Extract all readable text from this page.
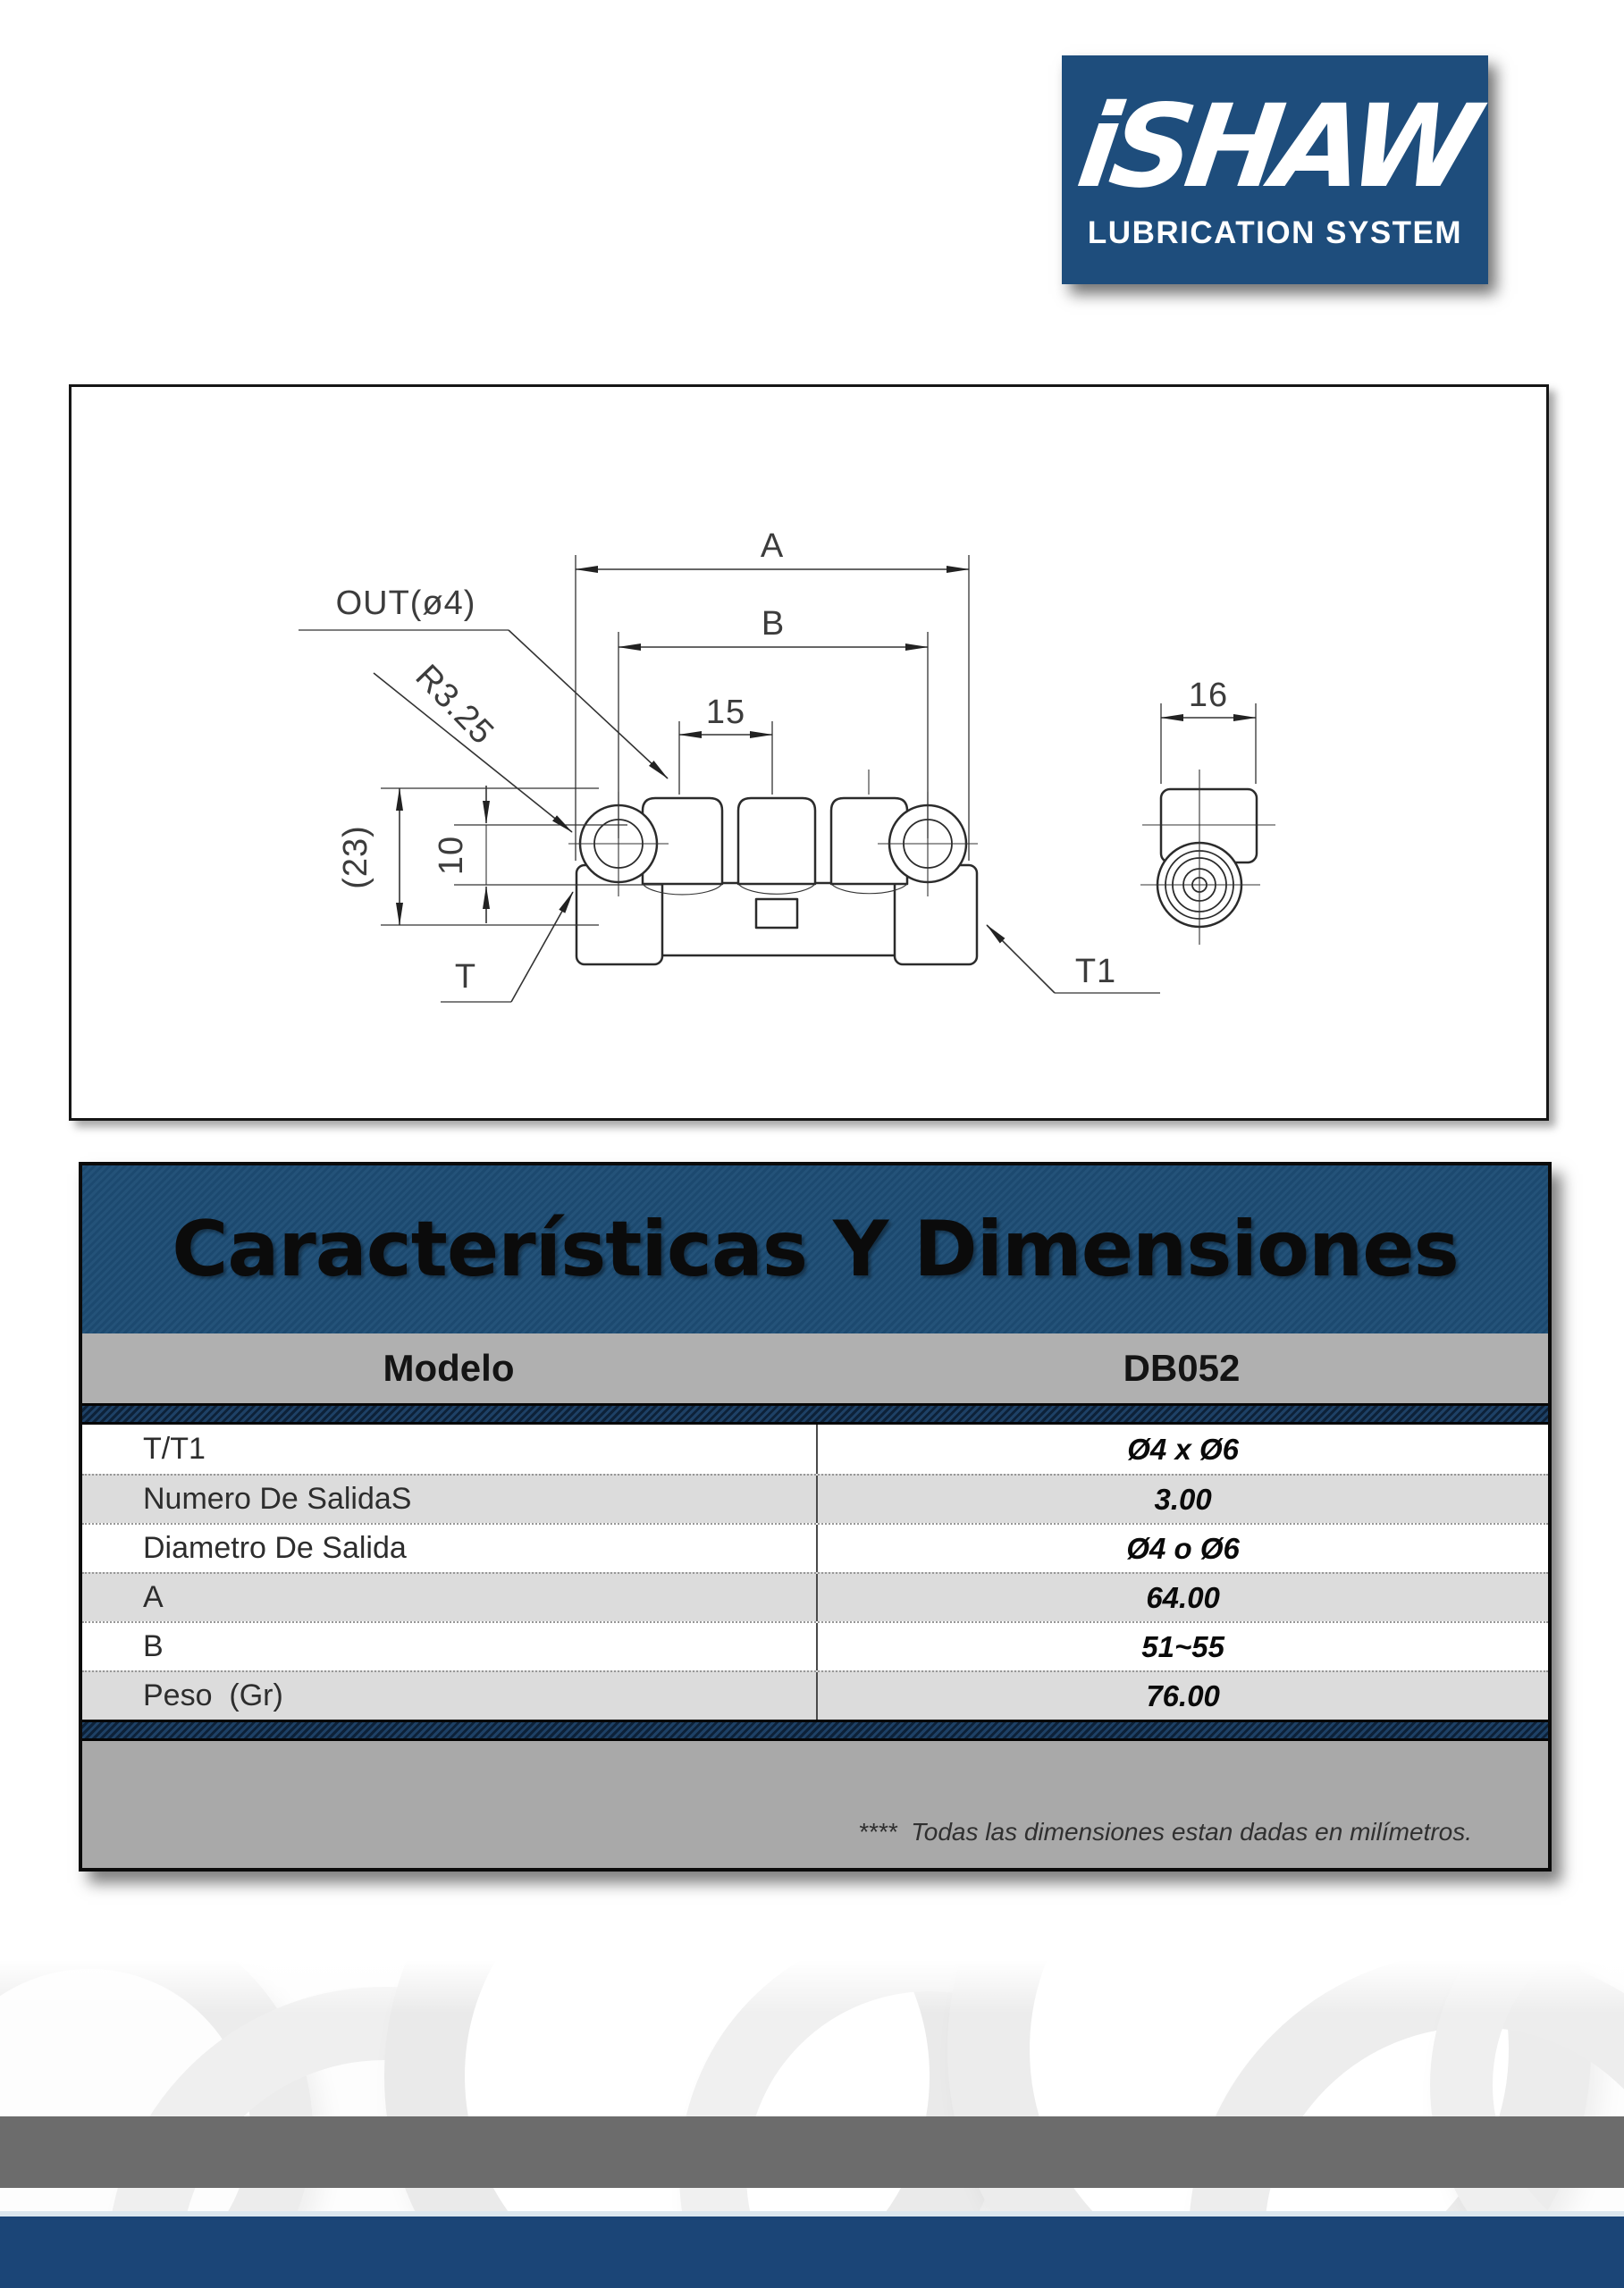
iSHAW
LUBRICATION SYSTEM
A
B
15	16
(23) 10
OUT(ø4)
R3.25
T	T1
Características Y Dimensiones
Modelo	DB052
T/T1	Ø4 x Ø6
Numero De SalidaS	3.00
Diametro De Salida	Ø4 o Ø6
A	64.00
B	51~55
Peso  (Gr)	76.00
****  Todas las dimensiones estan dadas en milímetros.
